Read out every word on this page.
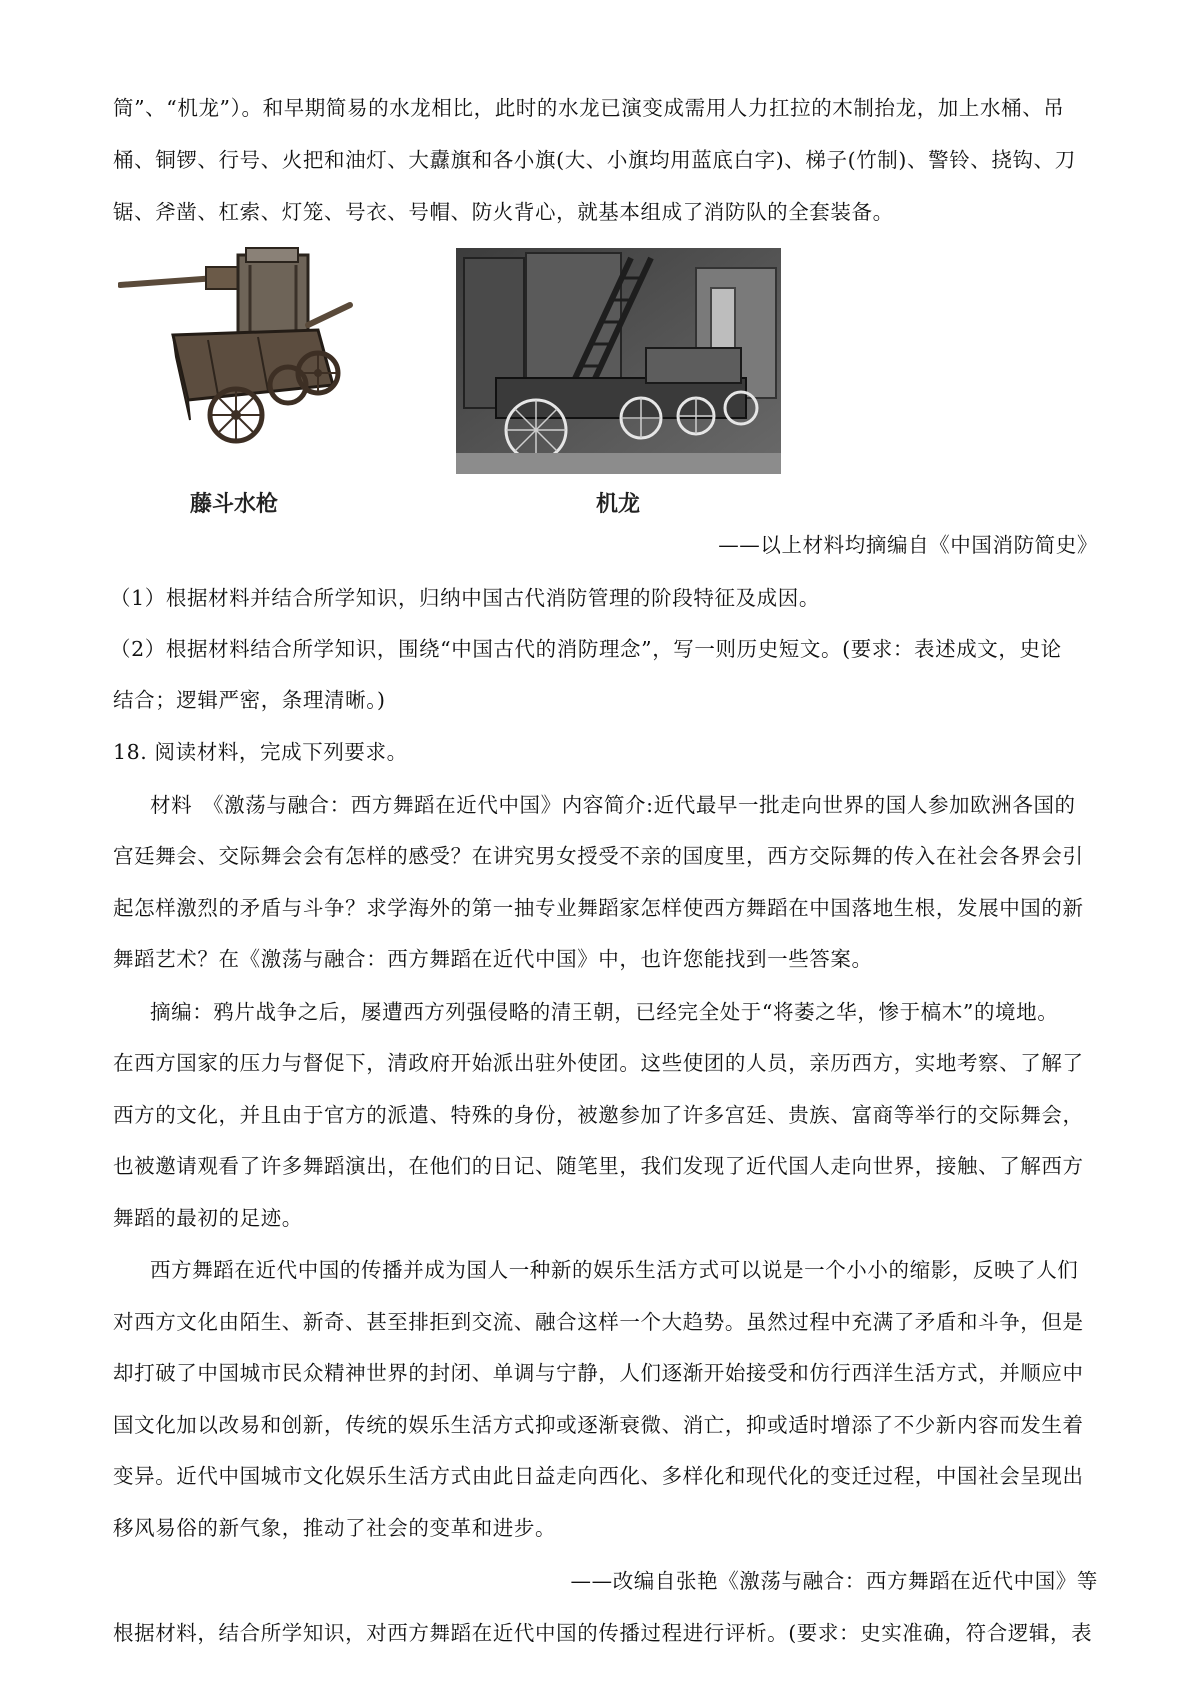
筒”、“机龙”）。和早期简易的水龙相比，此时的水龙已演变成需用人力扛拉的木制抬龙，加上水桶、吊
桶、铜锣、行号、火把和油灯、大纛旗和各小旗(大、小旗均用蓝底白字)、梯子(竹制)、警铃、挠钩、刀
锯、斧凿、杠索、灯笼、号衣、号帽、防火背心，就基本组成了消防队的全套装备。
藤斗水枪	机龙
——以上材料均摘编自《中国消防简史》
（1）根据材料并结合所学知识，归纳中国古代消防管理的阶段特征及成因。
（2）根据材料结合所学知识，围绕“中国古代的消防理念”，写一则历史短文。(要求：表述成文，史论
结合；逻辑严密，条理清晰。)
18. 阅读材料，完成下列要求。
材料　《激荡与融合：西方舞蹈在近代中国》内容简介:近代最早一批走向世界的国人参加欧洲各国的
宫廷舞会、交际舞会会有怎样的感受？在讲究男女授受不亲的国度里，西方交际舞的传入在社会各界会引
起怎样激烈的矛盾与斗争？求学海外的第一抽专业舞蹈家怎样使西方舞蹈在中国落地生根，发展中国的新
舞蹈艺术？在《激荡与融合：西方舞蹈在近代中国》中，也许您能找到一些答案。
摘编：鸦片战争之后，屡遭西方列强侵略的清王朝，已经完全处于“将萎之华，惨于槁木”的境地。
在西方国家的压力与督促下，清政府开始派出驻外使团。这些使团的人员，亲历西方，实地考察、了解了
西方的文化，并且由于官方的派遣、特殊的身份，被邀参加了许多宫廷、贵族、富商等举行的交际舞会，
也被邀请观看了许多舞蹈演出，在他们的日记、随笔里，我们发现了近代国人走向世界，接触、了解西方
舞蹈的最初的足迹。
西方舞蹈在近代中国的传播并成为国人一种新的娱乐生活方式可以说是一个小小的缩影，反映了人们
对西方文化由陌生、新奇、甚至排拒到交流、融合这样一个大趋势。虽然过程中充满了矛盾和斗争，但是
却打破了中国城市民众精神世界的封闭、单调与宁静，人们逐渐开始接受和仿行西洋生活方式，并顺应中
国文化加以改易和创新，传统的娱乐生活方式抑或逐渐衰微、消亡，抑或适时增添了不少新内容而发生着
变异。近代中国城市文化娱乐生活方式由此日益走向西化、多样化和现代化的变迁过程，中国社会呈现出
移风易俗的新气象，推动了社会的变革和进步。
——改编自张艳《激荡与融合：西方舞蹈在近代中国》等
根据材料，结合所学知识，对西方舞蹈在近代中国的传播过程进行评析。(要求：史实准确，符合逻辑，表
